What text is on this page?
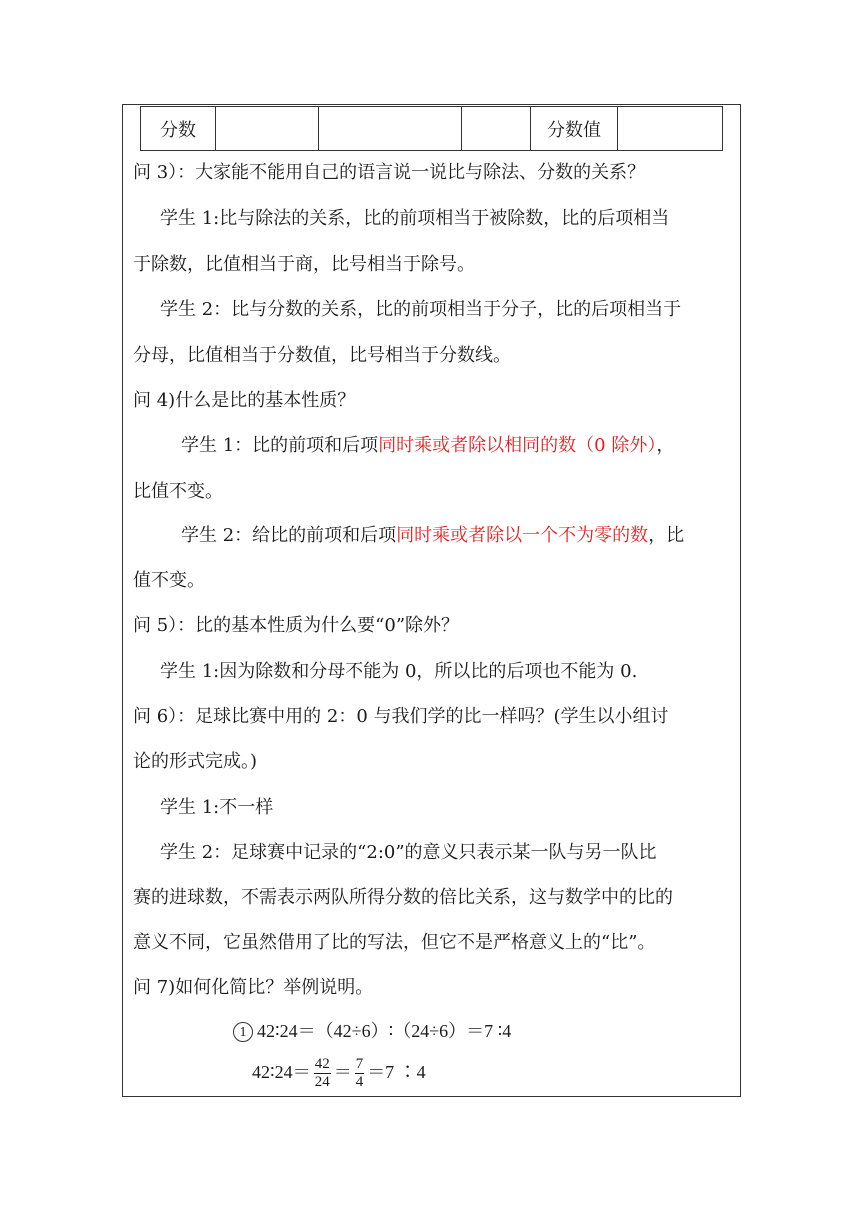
分数				分数值	
问 3）：大家能不能用自己的语言说一说比与除法、分数的关系？
学生 1:比与除法的关系，比的前项相当于被除数，比的后项相当
于除数，比值相当于商，比号相当于除号。
学生 2：比与分数的关系，比的前项相当于分子，比的后项相当于
分母，比值相当于分数值，比号相当于分数线。
问 4)什么是比的基本性质？
学生 1：比的前项和后项同时乘或者除以相同的数（0 除外），
比值不变。
学生 2：给比的前项和后项同时乘或者除以一个不为零的数，比
值不变。
问 5）：比的基本性质为什么要“0”除外？
学生 1:因为除数和分母不能为 0，所以比的后项也不能为 0.
问 6）：足球比赛中用的 2：0 与我们学的比一样吗？(学生以小组讨
论的形式完成。)
学生 1:不一样
学生 2：足球赛中记录的“2:0”的意义只表示某一队与另一队比
赛的进球数，不需表示两队所得分数的倍比关系，这与数学中的比的
意义不同，它虽然借用了比的写法，但它不是严格意义上的“比”。
问 7)如何化简比？举例说明。
1 42∶24＝（42÷6）∶（24÷6）＝7 ∶4
42∶24＝ $\frac{42}{24} = \frac{7}{4} =7$ ∶4
